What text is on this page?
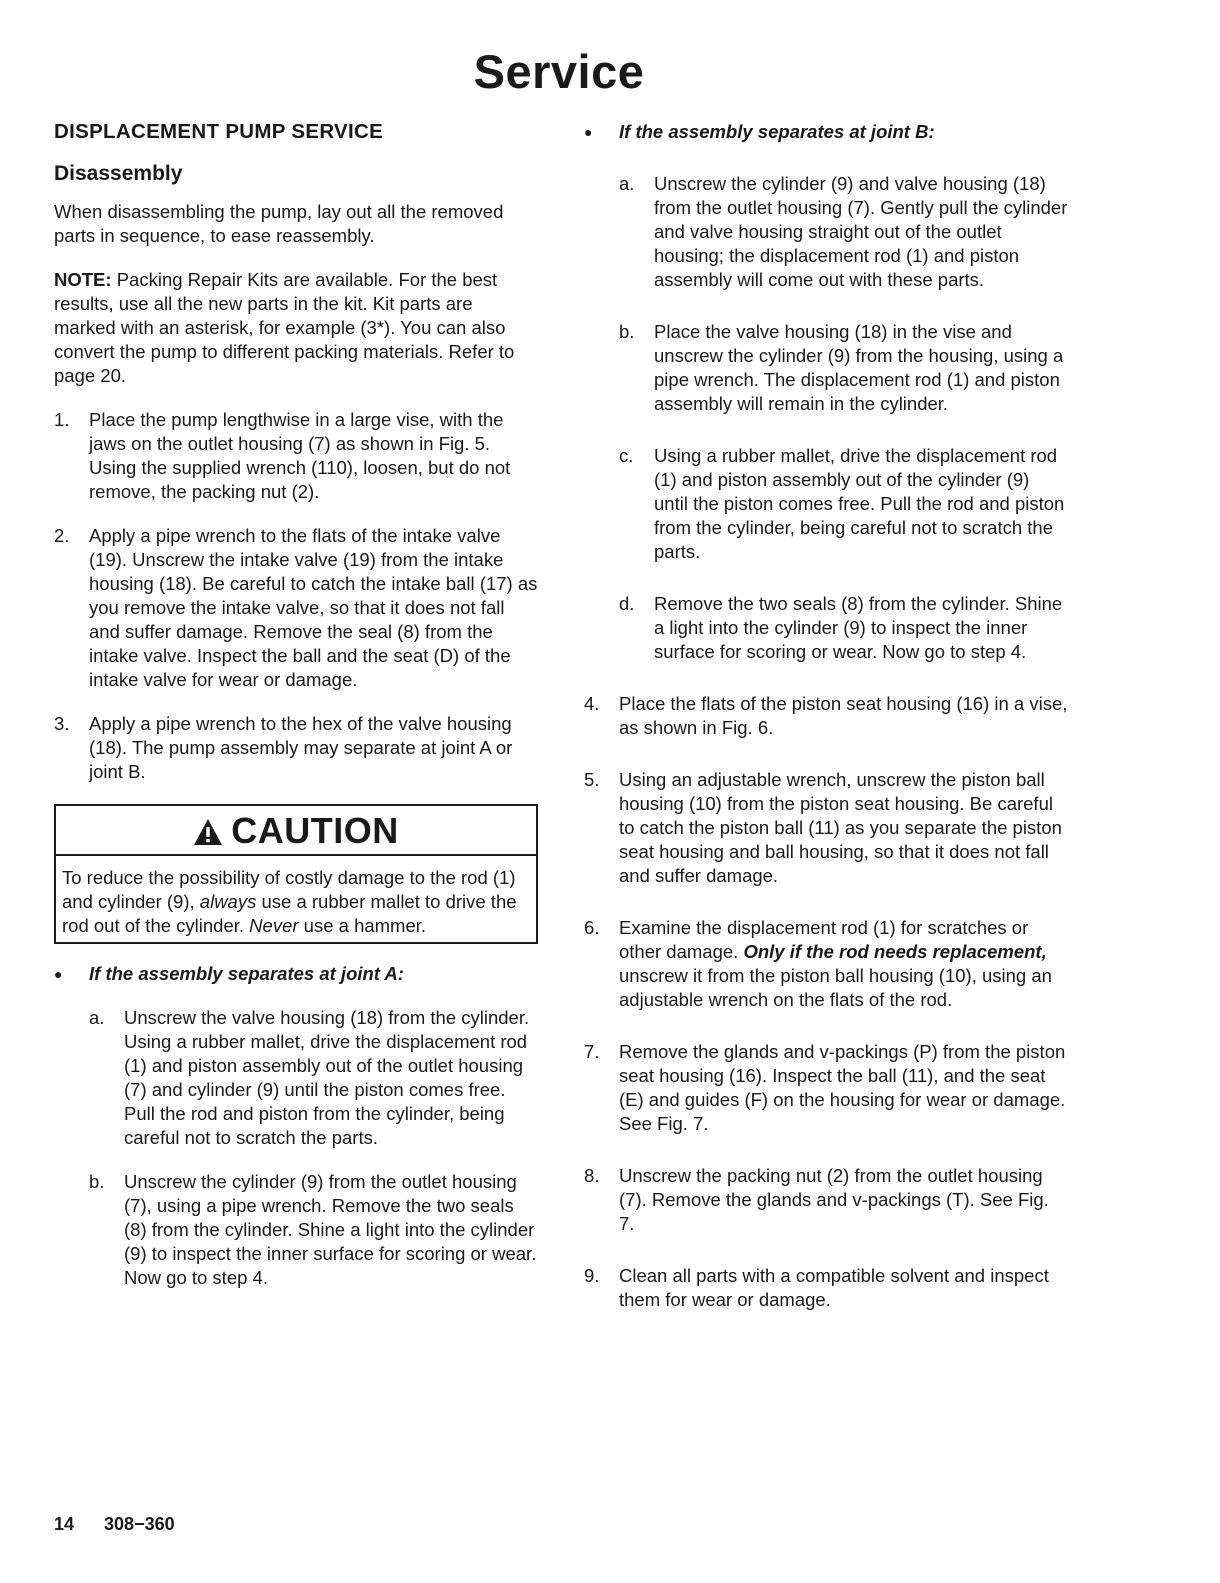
Service
DISPLACEMENT PUMP SERVICE
Disassembly

When disassembling the pump, lay out all the removed parts in sequence, to ease reassembly.

NOTE: Packing Repair Kits are available. For the best results, use all the new parts in the kit. Kit parts are marked with an asterisk, for example (3*). You can also convert the pump to different packing materials. Refer to page 20.

1.	Place the pump lengthwise in a large vise, with the jaws on the outlet housing (7) as shown in Fig. 5. Using the supplied wrench (110), loosen, but do not remove, the packing nut (2).
2.	Apply a pipe wrench to the flats of the intake valve (19). Unscrew the intake valve (19) from the intake housing (18). Be careful to catch the intake ball (17) as you remove the intake valve, so that it does not fall and suffer damage. Remove the seal (8) from the intake valve. Inspect the ball and the seat (D) of the intake valve for wear or damage.
3.	Apply a pipe wrench to the hex of the valve housing (18). The pump assembly may separate at joint A or joint B.
CAUTION
To reduce the possibility of costly damage to the rod (1) and cylinder (9), always use a rubber mallet to drive the rod out of the cylinder. Never use a hammer.
●	If the assembly separates at joint A:
a.	Unscrew the valve housing (18) from the cylinder. Using a rubber mallet, drive the displacement rod (1) and piston assembly out of the outlet housing (7) and cylinder (9) until the piston comes free. Pull the rod and piston from the cylinder, being careful not to scratch the parts.
b.	Unscrew the cylinder (9) from the outlet housing (7), using a pipe wrench. Remove the two seals (8) from the cylinder. Shine a light into the cylinder (9) to inspect the inner surface for scoring or wear. Now go to step 4.
●	If the assembly separates at joint B:
a.	Unscrew the cylinder (9) and valve housing (18) from the outlet housing (7). Gently pull the cylinder and valve housing straight out of the outlet housing; the displacement rod (1) and piston assembly will come out with these parts.
b.	Place the valve housing (18) in the vise and unscrew the cylinder (9) from the housing, using a pipe wrench. The displacement rod (1) and piston assembly will remain in the cylinder.
c.	Using a rubber mallet, drive the displacement rod (1) and piston assembly out of the cylinder (9) until the piston comes free. Pull the rod and piston from the cylinder, being careful not to scratch the parts.
d.	Remove the two seals (8) from the cylinder. Shine a light into the cylinder (9) to inspect the inner surface for scoring or wear. Now go to step 4.
4.	Place the flats of the piston seat housing (16) in a vise, as shown in Fig. 6.
5.	Using an adjustable wrench, unscrew the piston ball housing (10) from the piston seat housing. Be careful to catch the piston ball (11) as you separate the piston seat housing and ball housing, so that it does not fall and suffer damage.
6.	Examine the displacement rod (1) for scratches or other damage. Only if the rod needs replacement, unscrew it from the piston ball housing (10), using an adjustable wrench on the flats of the rod.
7.	Remove the glands and v-packings (P) from the piston seat housing (16). Inspect the ball (11), and the seat (E) and guides (F) on the housing for wear or damage. See Fig. 7.
8.	Unscrew the packing nut (2) from the outlet housing (7). Remove the glands and v-packings (T). See Fig. 7.
9.	Clean all parts with a compatible solvent and inspect them for wear or damage.
14 308−360
